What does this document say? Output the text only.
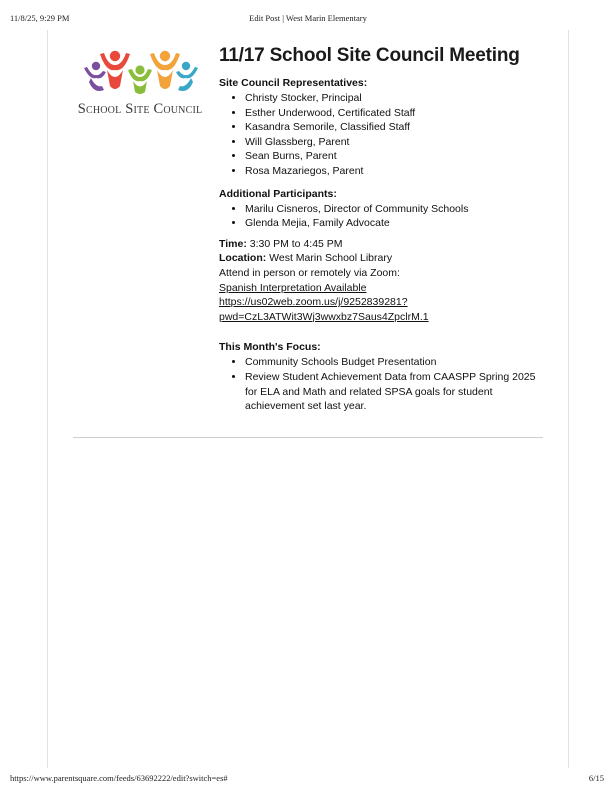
11/8/25, 9:29 PM	Edit Post | West Marin Elementary
School Site Council
11/17 School Site Council Meeting

Site Council Representatives:

• Christy Stocker, Principal
• Esther Underwood, Certificated Staff
• Kasandra Semorile, Classified Staff
• Will Glassberg, Parent
• Sean Burns, Parent
• Rosa Mazariegos, Parent

Additional Participants:

• Marilu Cisneros, Director of Community Schools
• Glenda Mejia, Family Advocate

Time: 3:30 PM to 4:45 PM

Location: West Marin School Library

Attend in person or remotely via Zoom:

Spanish Interpretation Available

https://us02web.zoom.us/j/9252839281?

pwd=CzL3ATWit3Wj3wwxbz7Saus4ZpclrM.1

This Month's Focus:

• Community Schools Budget Presentation
• Review Student Achievement Data from CAASPP Spring 2025 for ELA and Math and related SPSA goals for student achievement set last year.
https://www.parentsquare.com/feeds/63692222/edit?switch=es#	6/15
